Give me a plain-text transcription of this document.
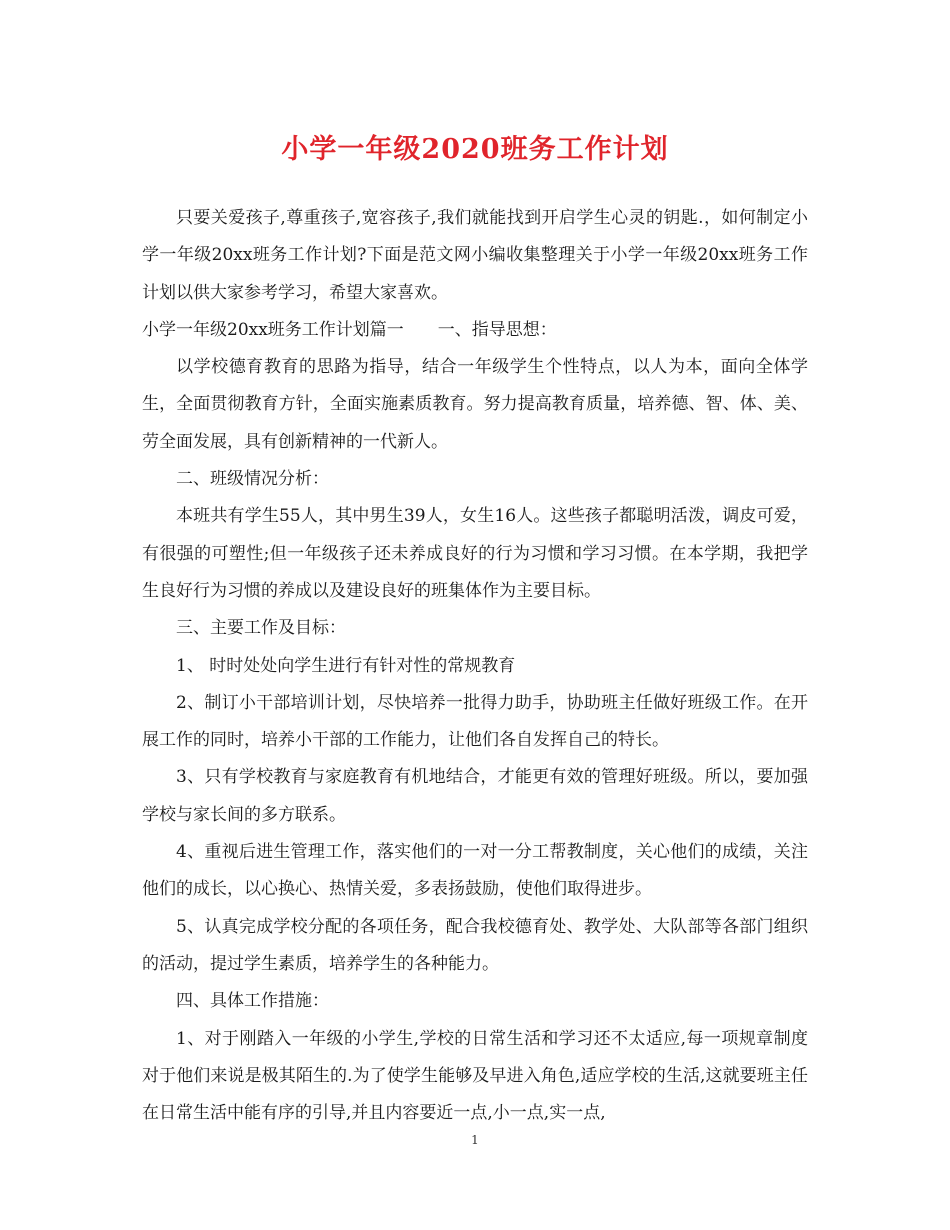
小学一年级2020班务工作计划

只要关爱孩子,尊重孩子,宽容孩子,我们就能找到开启学生心灵的钥匙.，如何制定小学一年级20xx班务工作计划?下面是范文网小编收集整理关于小学一年级20xx班务工作计划以供大家参考学习，希望大家喜欢。

小学一年级20xx班务工作计划篇一　　一、指导思想：

以学校德育教育的思路为指导，结合一年级学生个性特点，以人为本，面向全体学生，全面贯彻教育方针，全面实施素质教育。努力提高教育质量，培养德、智、体、美、劳全面发展，具有创新精神的一代新人。

二、班级情况分析：

本班共有学生55人，其中男生39人，女生16人。这些孩子都聪明活泼，调皮可爱，有很强的可塑性;但一年级孩子还未养成良好的行为习惯和学习习惯。在本学期，我把学生良好行为习惯的养成以及建设良好的班集体作为主要目标。

三、主要工作及目标：

1、 时时处处向学生进行有针对性的常规教育

2、制订小干部培训计划，尽快培养一批得力助手，协助班主任做好班级工作。在开展工作的同时，培养小干部的工作能力，让他们各自发挥自己的特长。

3、只有学校教育与家庭教育有机地结合，才能更有效的管理好班级。所以，要加强学校与家长间的多方联系。

4、重视后进生管理工作，落实他们的一对一分工帮教制度，关心他们的成绩，关注他们的成长，以心换心、热情关爱，多表扬鼓励，使他们取得进步。

5、认真完成学校分配的各项任务，配合我校德育处、教学处、大队部等各部门组织的活动，提过学生素质，培养学生的各种能力。

四、具体工作措施：

1、对于刚踏入一年级的小学生,学校的日常生活和学习还不太适应,每一项规章制度对于他们来说是极其陌生的.为了使学生能够及早进入角色,适应学校的生活,这就要班主任在日常生活中能有序的引导,并且内容要近一点,小一点,实一点,

1
